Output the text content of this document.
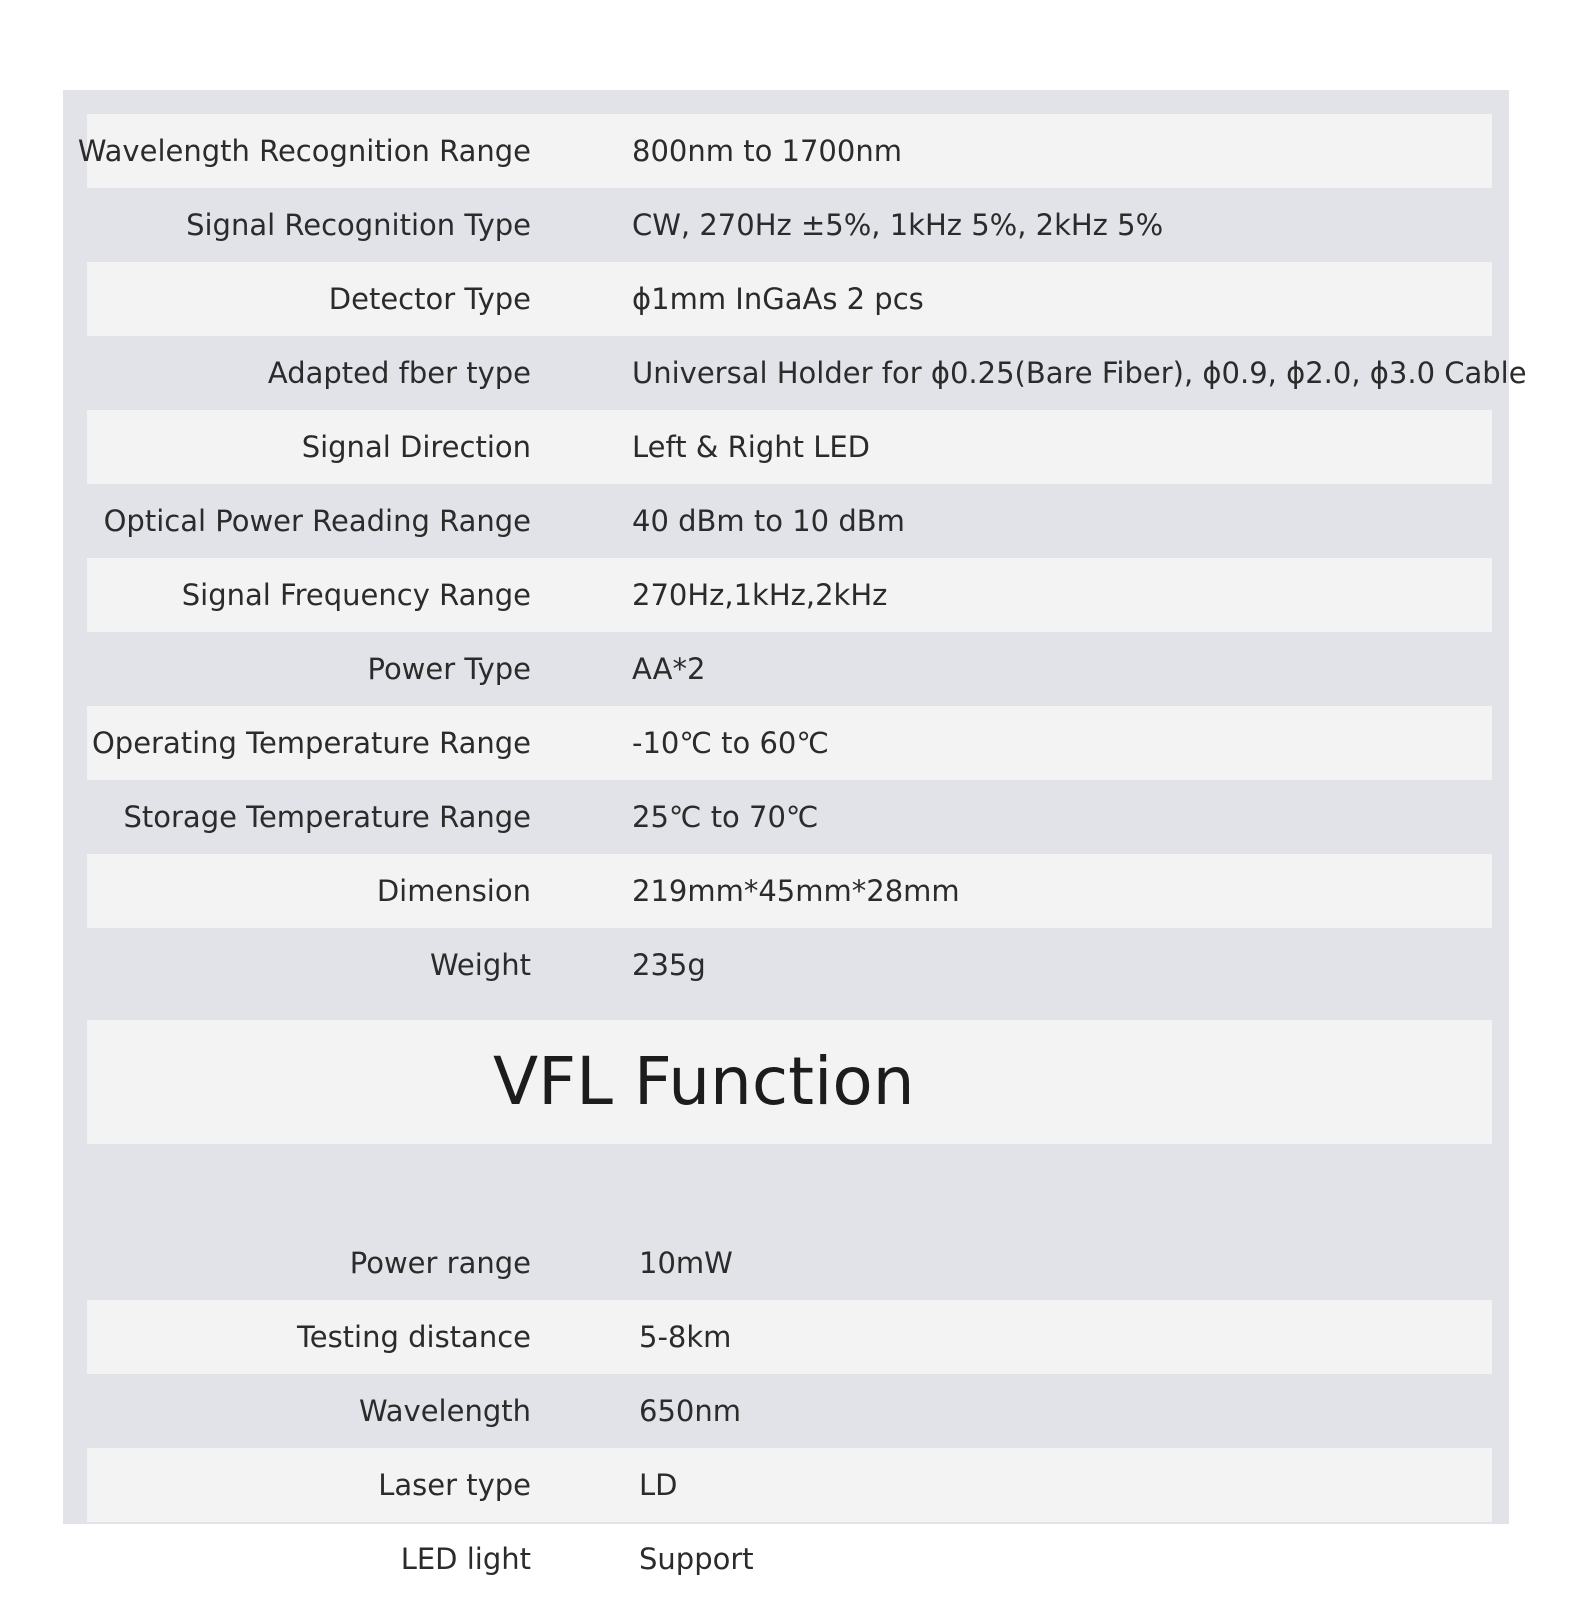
Wavelength Recognition Range	800nm to 1700nm
Signal Recognition Type	CW, 270Hz ±5%, 1kHz 5%, 2kHz 5%
Detector Type	ϕ1mm InGaAs 2 pcs
Adapted fber type	Universal Holder for ϕ0.25(Bare Fiber), ϕ0.9, ϕ2.0, ϕ3.0 Cable
Signal Direction	Left & Right LED
Optical Power Reading Range	40 dBm to 10 dBm
Signal Frequency Range	270Hz,1kHz,2kHz
Power Type	AA*2
Operating Temperature Range	-10℃ to 60℃
Storage Temperature Range	25℃ to 70℃
Dimension	219mm*45mm*28mm
Weight	235g
VFL Function
Power range	10mW
Testing distance	5-8km
Wavelength	650nm
Laser type	LD
LED light	Support
